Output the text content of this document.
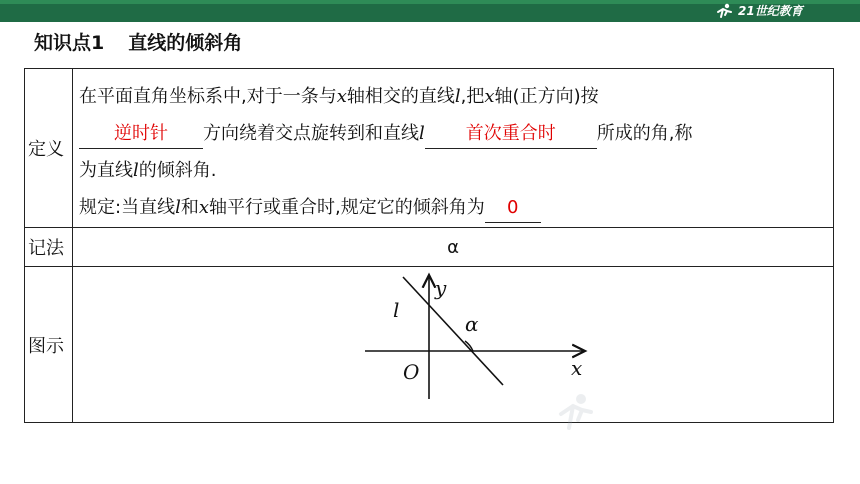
21世纪教育
知识点1 直线的倾斜角
定义	在平面直角坐标系中,对于一条与x轴相交的直线l,把x轴(正方向)按
逆时针 方向绕着交点旋转到和直线l 首次重合时 所成的角,称
为直线l的倾斜角.
规定:当直线l和x轴平行或重合时,规定它的倾斜角为 0

记法	α
图示	y
x
O
l
α
